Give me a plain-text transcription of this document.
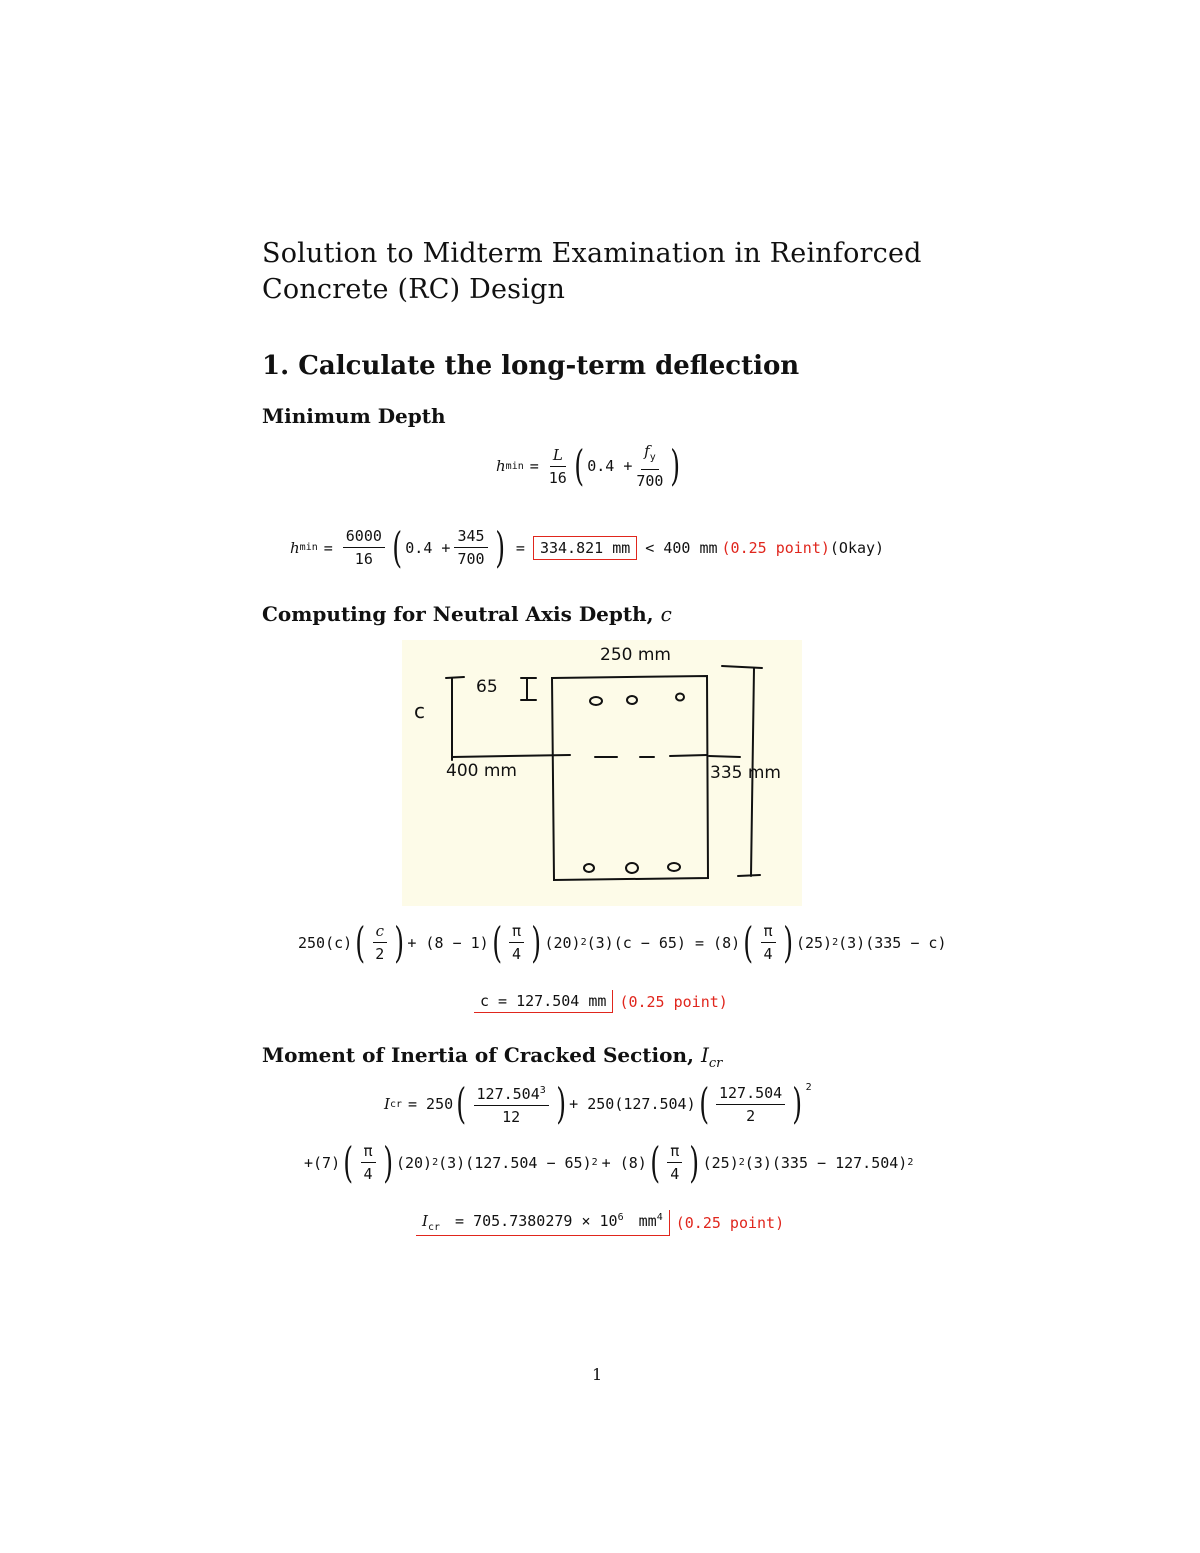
Solution to Midterm Examination in Reinforced Concrete (RC) Design
1. Calculate the long-term deflection
Minimum Depth
h $\min = \frac{L}{16}$ ( $0.4 + \frac{f_y}{700}$ )
h $\min = \frac{6000}{16}$ ( $0.4 + \frac{345}{700}$ ) =	334.821 mm	< 400 mm (0.25 point) (Okay)
Computing for Neutral Axis Depth, c
250 mm
65
c
400 mm	335 mm
250(c) ( $\frac{c}{2}$ ) + (8 − 1) ( $\frac{\pi}{4}$ ) (20) 2 (3)(c − 65) = (8) ( $\frac{\pi}{4}$ ) (25) 2 (3)(335 − c)
c = 127.504 mm (0.25 point)
Moment of Inertia of Cracked Section, $I_{cr}$
I cr = 250 ( $\frac{127.504^3}{12}$ ) + 250(127.504) ( $\frac{127.504}{2}$ ) $^2$
+(7) ( $\frac{\pi}{4}$ ) (20) 2 (3)(127.504 − 65) 2 + (8) ( $\frac{\pi}{4}$ ) (25) 2 (3)(335 − 127.504) 2
$I_{cr} = 705.7380279 \times 10^6$ $mm^4$ (0.25 point)
1
